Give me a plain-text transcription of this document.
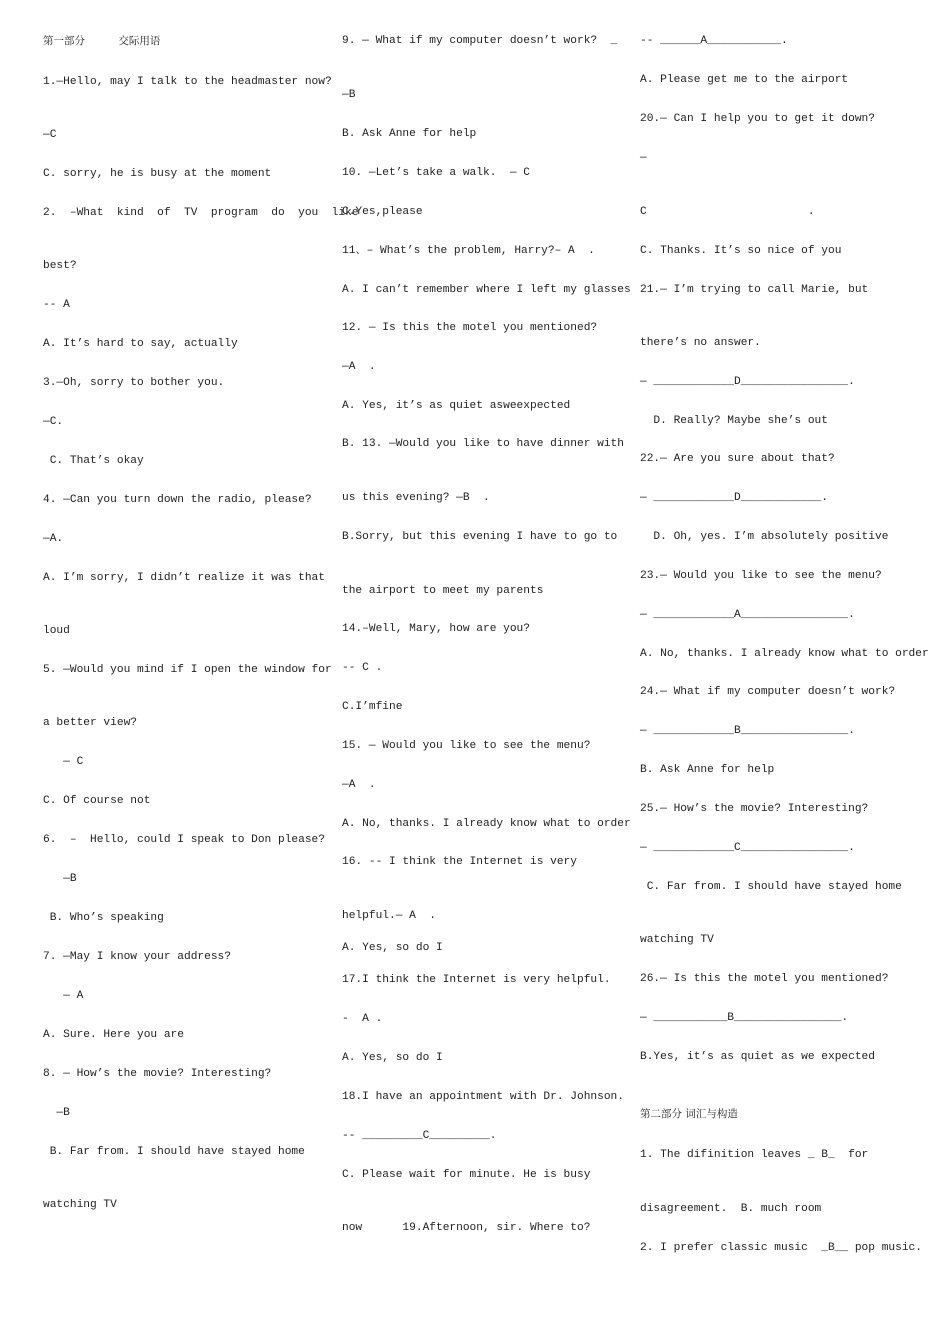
第一部分          交际用语
1.—Hello, may I talk to the headmaster now?
—C
C. sorry, he is busy at the moment
2.  –What  kind  of  TV  program  do  you  like
best?
-- A
A. It’s hard to say, actually
3.—Oh, sorry to bother you.
—C.
C. That’s okay
4. —Can you turn down the radio, please?
—A.
A. I’m sorry, I didn’t realize it was that
loud
5. —Would you mind if I open the window for
a better view?
— C
C. Of course not
6.  –  Hello, could I speak to Don please?
—B
B. Who’s speaking
7. —May I know your address?
— A
A. Sure. Here you are
8. — How’s the movie? Interesting?
—B
B. Far from. I should have stayed home
watching TV
9. — What if my computer doesn’t work?  _
—B
B. Ask Anne for help
10. —Let’s take a walk.  — C
C.Yes,please
11、– What’s the problem, Harry?– A  .
A. I can’t remember where I left my glasses
12. — Is this the motel you mentioned?
—A  .
A. Yes, it’s as quiet asweexpected
B. 13. —Would you like to have dinner with
us this evening? —B  .
B.Sorry, but this evening I have to go to
the airport to meet my parents
14.–Well, Mary, how are you?
-- C .
C.I’mfine
15. — Would you like to see the menu?
—A  .
A. No, thanks. I already know what to order
16. -- I think the Internet is very
helpful.— A  .
A. Yes, so do I
17.I think the Internet is very helpful.
-  A .
A. Yes, so do I
18.I have an appointment with Dr. Johnson.
-- _________C_________.
C. Please wait for minute. He is busy
now      19.Afternoon, sir. Where to?
-- ______A___________.
A. Please get me to the airport
20.— Can I help you to get it down?
—
C                        .
C. Thanks. It’s so nice of you
21.— I’m trying to call Marie, but
there’s no answer.
— ____________D________________.
D. Really? Maybe she’s out
22.— Are you sure about that?
— ____________D____________.
D. Oh, yes. I’m absolutely positive
23.— Would you like to see the menu?
— ____________A________________.
A. No, thanks. I already know what to order
24.— What if my computer doesn’t work?
— ____________B________________.
B. Ask Anne for help
25.— How’s the movie? Interesting?
— ____________C________________.
C. Far from. I should have stayed home
watching TV
26.— Is this the motel you mentioned?
— ___________B________________.
B.Yes, it’s as quiet as we expected
第二部分 词汇与构造
1. The difinition leaves _ B_  for
disagreement.  B. much room
2. I prefer classic music  _B__ pop music.
